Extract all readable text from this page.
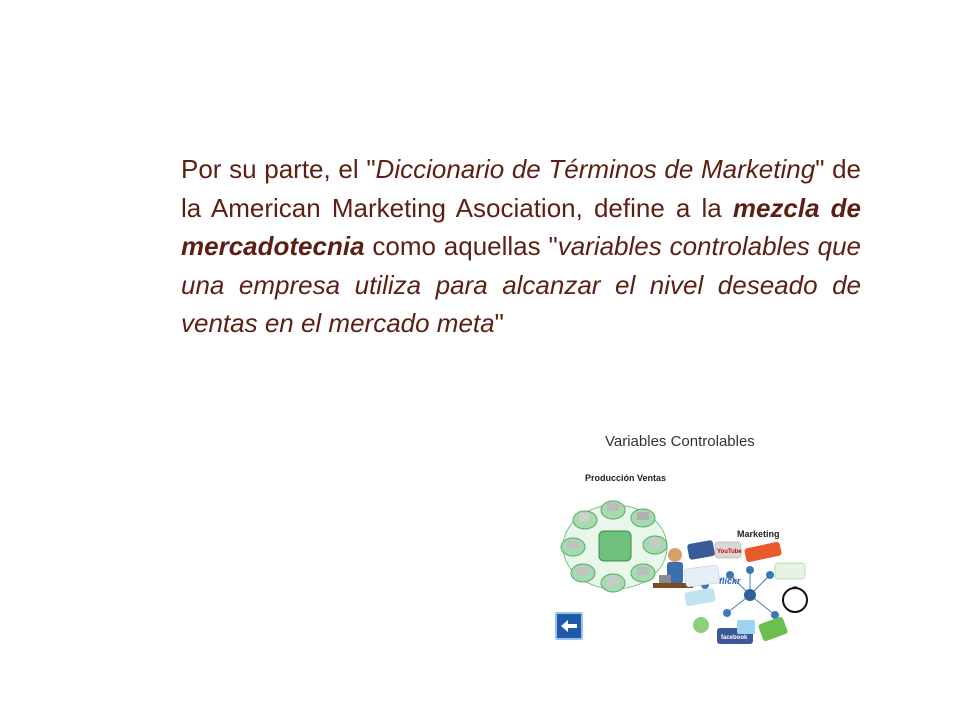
Por su parte, el "Diccionario de Términos de Marketing" de la American Marketing Asociation, define a la mezcla de mercadotecnia como aquellas "variables controlables que una empresa utiliza para alcanzar el nivel deseado de ventas en el mercado meta"

flickr
facebook
YouTube
Variables Controlables
Producción Ventas
Marketing
